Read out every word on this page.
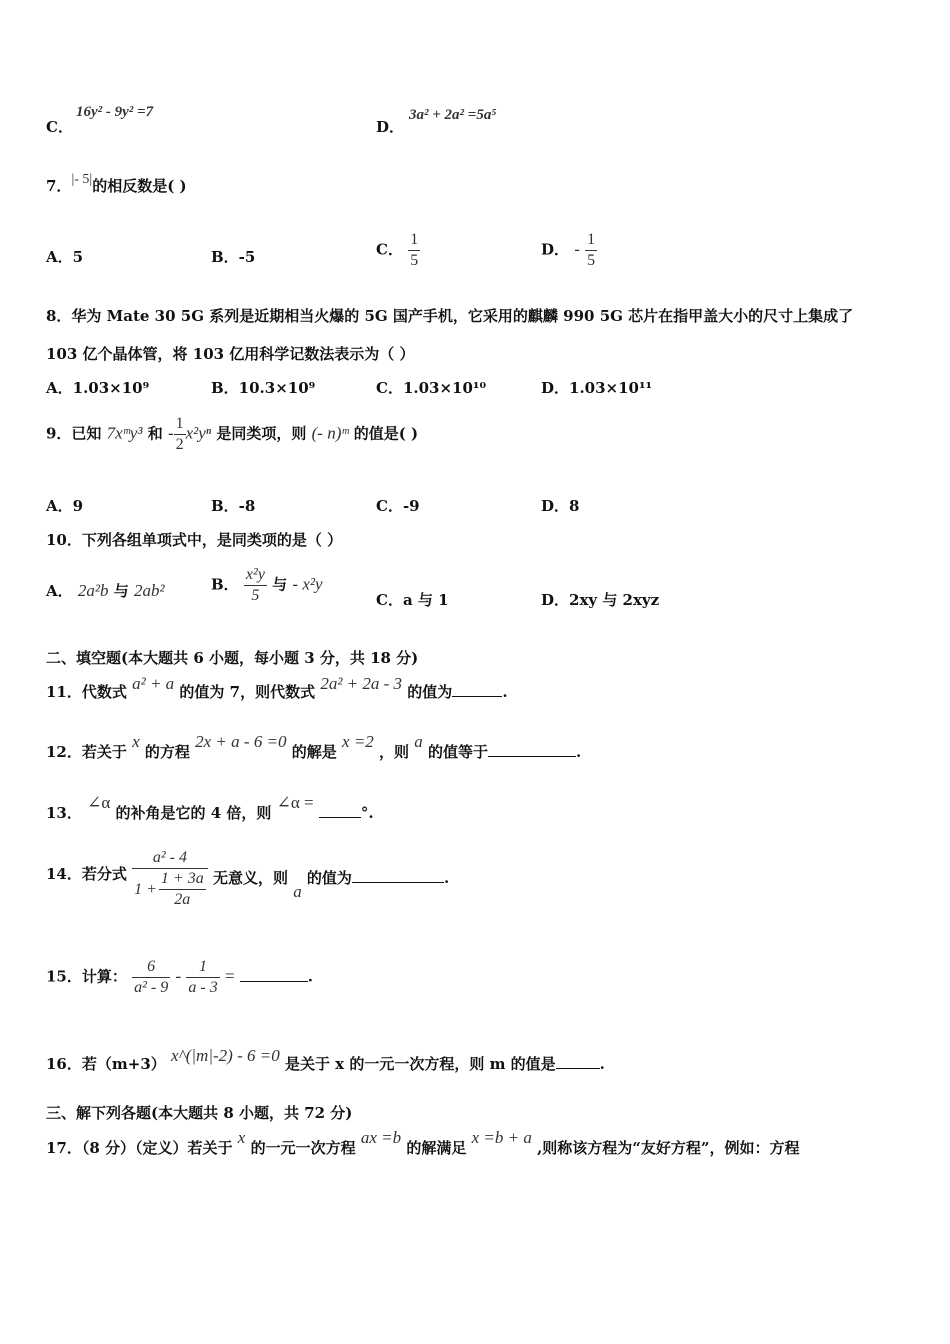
C．
16y² - 9y² =7
D．
3a² + 2a² =5a⁵
7．|- 5|的相反数是( )
A．5	B．-5	C． $\frac{1}{5}$	D． - $\frac{1}{5}$
8．华为 Mate 30 5G 系列是近期相当火爆的 5G 国产手机，它采用的麒麟 990 5G 芯片在指甲盖大小的尺寸上集成了
103 亿个晶体管，将 103 亿用科学记数法表示为（ ）
A．1.03×10⁹	B．10.3×10⁹	C．1.03×10¹⁰	D．1.03×10¹¹
9．已知 7xᵐy³ 和 - $\frac{1}{2} x^2y^n$ 是同类项，则 (- n)ᵐ 的值是( )
A．9	B．-8	C．-9	D．8
10．下列各组单项式中，是同类项的是（ ）
A． 2a²b 与 2ab²	B． $\frac{\text{x²y}}{5}$ 与 - x²y
C．a 与 1	D．2xy 与 2xyz
二、填空题(本大题共 6 小题，每小题 3 分，共 18 分)
11．代数式 a² + a 的值为 7，则代数式 2a² + 2a - 3 的值为	.
12．若关于 x 的方程 2x + a - 6 =0 的解是 x =2 ，则 a 的值等于	.
13． ∠α 的补角是它的 4 倍，则 ∠α = °.
14．若分式 $\frac{\text{a² - 4}}{1 + \frac{1 + 3a}{2a}}$ 无意义，则 a 的值为	.
15．计算： $\frac{6}{\text{a² - 9}} - \frac{1}{a - 3}$ =	.
16．若（m+3） x^(|m|-2) - 6 =0 是关于 x 的一元一次方程，则 m 的值是	.
三、解下列各题(本大题共 8 小题，共 72 分)
17．（8 分）（定义）若关于 x 的一元一次方程 ax =b 的解满足 x =b + a ,则称该方程为“友好方程”，例如：方程
